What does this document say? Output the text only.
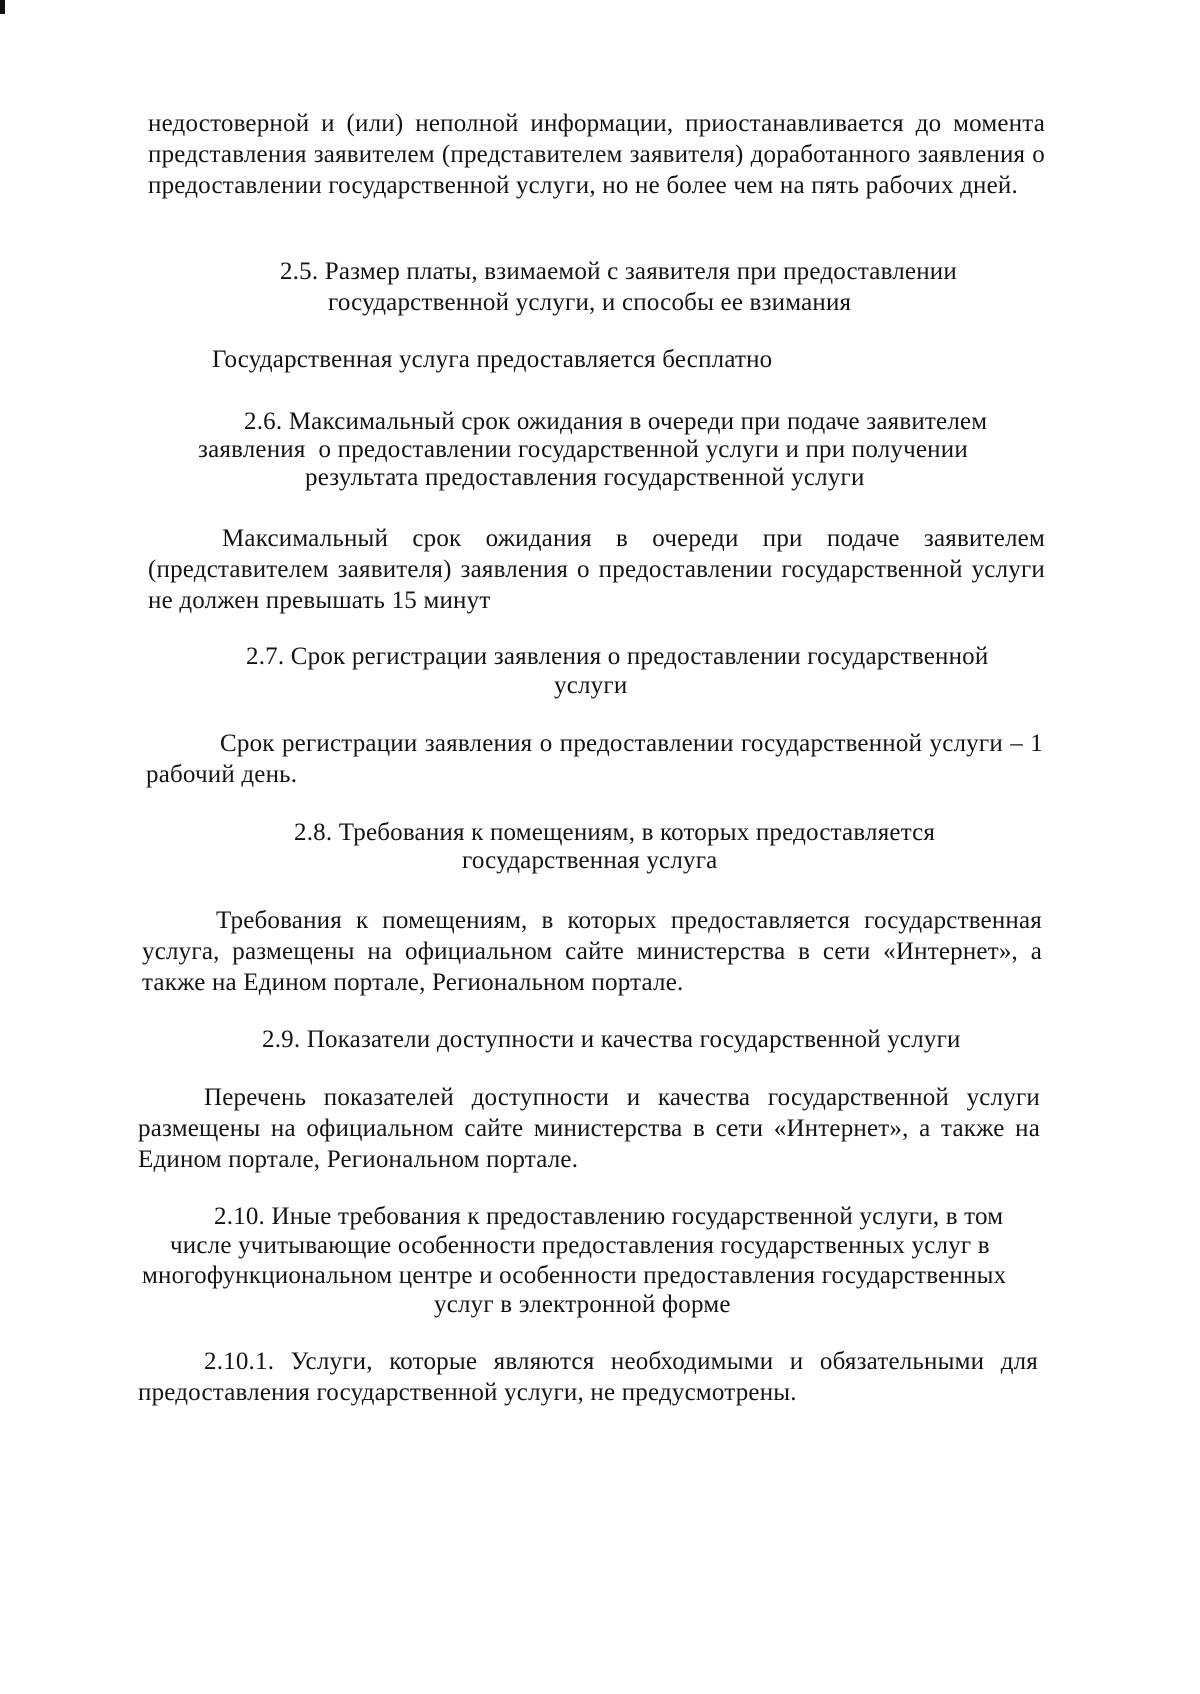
недостоверной и (или) неполной информации, приостанавливается до момента представления заявителем (представителем заявителя) доработанного заявления о предоставлении государственной услуги, но не более чем на пять рабочих дней.
2.5. Размер платы, взимаемой с заявителя при предоставлении
государственной услуги, и способы ее взимания
Государственная услуга предоставляется бесплатно
2.6. Максимальный срок ожидания в очереди при подаче заявителем
заявления  о предоставлении государственной услуги и при получении
результата предоставления государственной услуги
Максимальный срок ожидания в очереди при подаче заявителем (представителем заявителя) заявления о предоставлении государственной услуги не должен превышать 15 минут
2.7. Срок регистрации заявления о предоставлении государственной
услуги
Срок регистрации заявления о предоставлении государственной услуги – 1 рабочий день.
2.8. Требования к помещениям, в которых предоставляется
государственная услуга
Требования к помещениям, в которых предоставляется государственная услуга, размещены на официальном сайте министерства в сети «Интернет», а также на Едином портале, Региональном портале.
2.9. Показатели доступности и качества государственной услуги
Перечень показателей доступности и качества государственной услуги размещены на официальном сайте министерства в сети «Интернет», а также на Едином портале, Региональном портале.
2.10. Иные требования к предоставлению государственной услуги, в том
числе учитывающие особенности предоставления государственных услуг в
многофункциональном центре и особенности предоставления государственных
услуг в электронной форме
2.10.1. Услуги, которые являются необходимыми и обязательными для предоставления государственной услуги, не предусмотрены.
